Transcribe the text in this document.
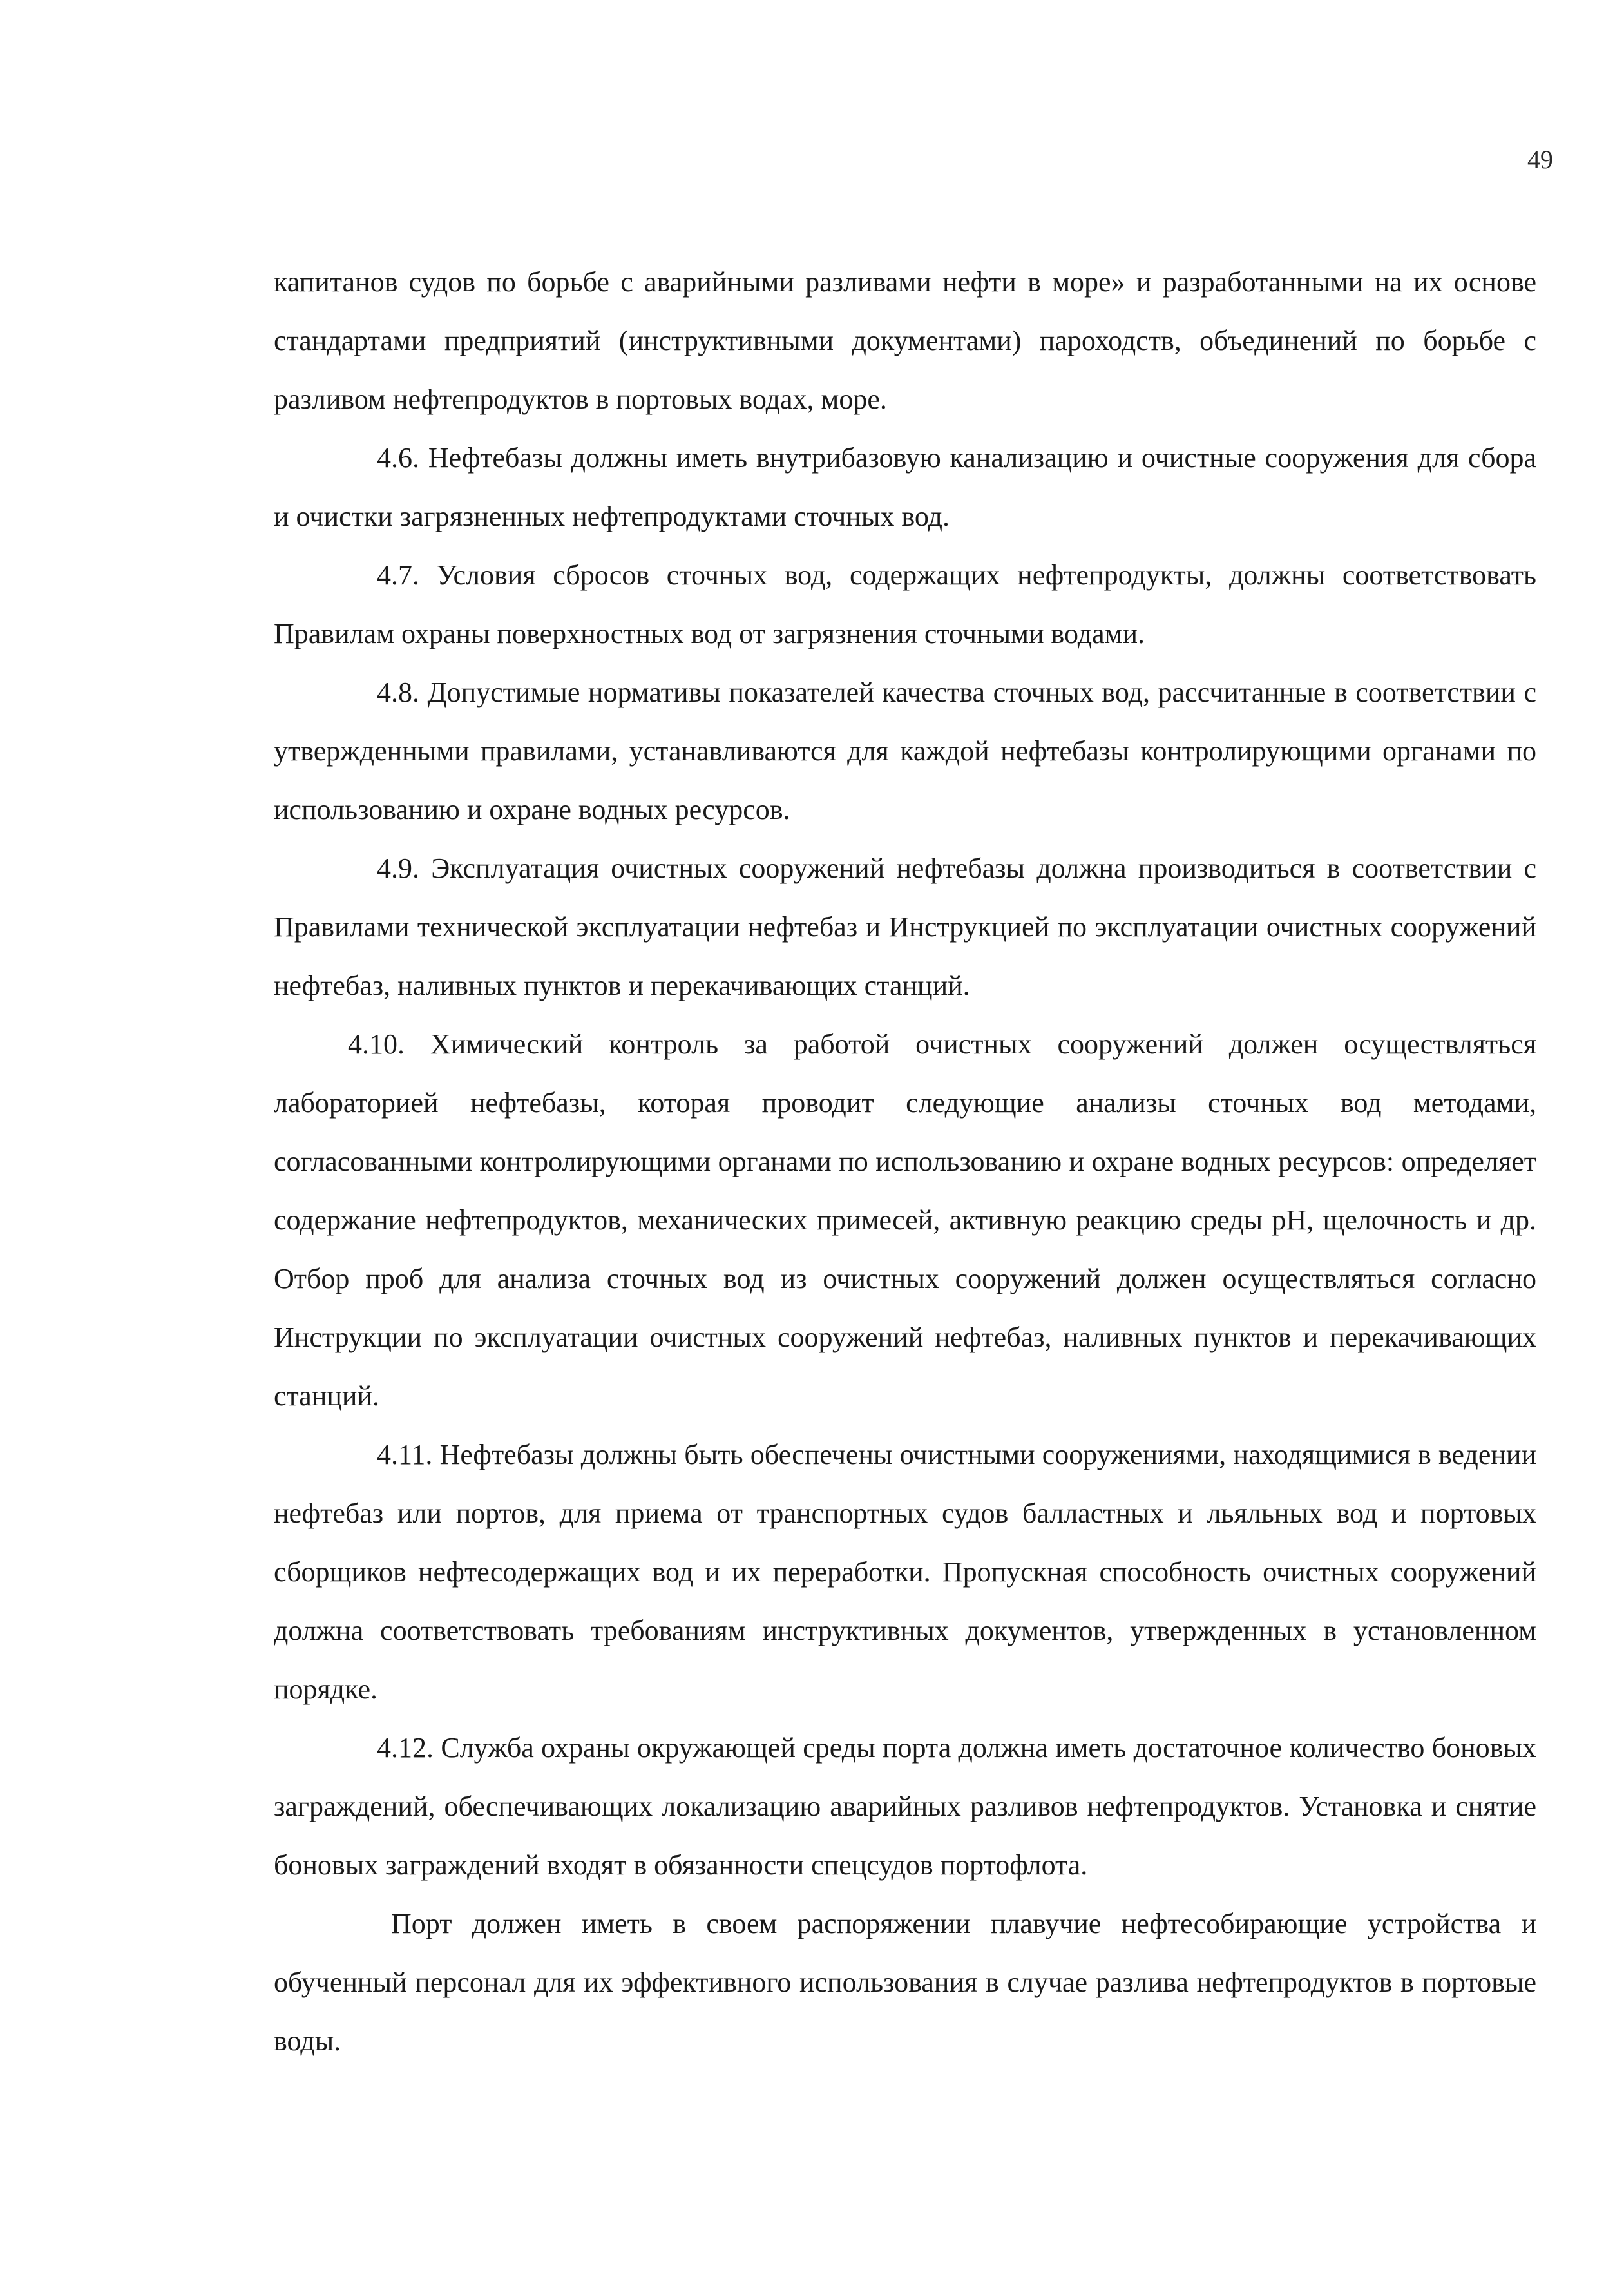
49

капитанов судов по борьбе с аварийными разливами нефти в море» и разработанными на их основе стандартами предприятий (инструктивными документами) пароходств, объединений по борьбе с разливом нефтепродуктов в портовых водах, море.

4.6. Нефтебазы должны иметь внутрибазовую канализацию и очистные сооружения для сбора и очистки загрязненных нефтепродуктами сточных вод.

4.7. Условия сбросов сточных вод, содержащих нефтепродукты, должны соответствовать Правилам охраны поверхностных вод от загрязнения сточными водами.

4.8. Допустимые нормативы показателей качества сточных вод, рассчитанные в соответствии с утвержденными правилами, устанавливаются для каждой нефтебазы контролирующими органами по использованию и охране водных ресурсов.

4.9. Эксплуатация очистных сооружений нефтебазы должна производиться в соответствии с Правилами технической эксплуатации нефтебаз и Инструкцией по эксплуатации очистных сооружений нефтебаз, наливных пунктов и перекачивающих станций.

4.10. Химический контроль за работой очистных сооружений должен осуществляться лабораторией нефтебазы, которая проводит следующие анализы сточных вод методами, согласованными контролирующими органами по использованию и охране водных ресурсов: определяет содержание нефтепродуктов, механических примесей, активную реакцию среды рН, щелочность и др. Отбор проб для анализа сточных вод из очистных сооружений должен осуществляться согласно Инструкции по эксплуатации очистных сооружений нефтебаз, наливных пунктов и перекачивающих станций.

4.11. Нефтебазы должны быть обеспечены очистными сооружениями, находящимися в ведении нефтебаз или портов, для приема от транспортных судов балластных и льяльных вод и портовых сборщиков нефтесодержащих вод и их переработки. Пропускная способность очистных сооружений должна соответствовать требованиям инструктивных документов, утвержденных в установленном порядке.

4.12. Служба охраны окружающей среды порта должна иметь достаточное количество боновых заграждений, обеспечивающих локализацию аварийных разливов нефтепродуктов. Установка и снятие боновых заграждений входят в обязанности спецсудов портофлота.

Порт должен иметь в своем распоряжении плавучие нефтесобирающие устройства и обученный персонал для их эффективного использования в случае разлива нефтепродуктов в портовые воды.
